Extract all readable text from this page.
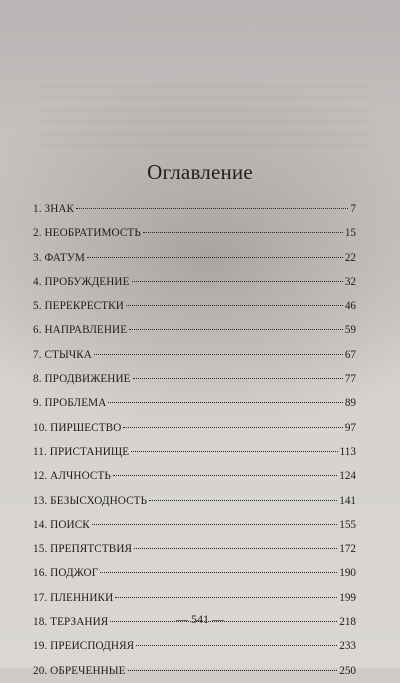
Оглавление
1. ЗНАК	7
2. НЕОБРАТИМОСТЬ	15
3. ФАТУМ	22
4. ПРОБУЖДЕНИЕ	32
5. ПЕРЕКРЕСТКИ	46
6. НАПРАВЛЕНИЕ	59
7. СТЫЧКА	67
8. ПРОДВИЖЕНИЕ	77
9. ПРОБЛЕМА	89
10. ПИРШЕСТВО	97
11. ПРИСТАНИЩЕ	113
12. АЛЧНОСТЬ	124
13. БЕЗЫСХОДНОСТЬ	141
14. ПОИСК	155
15. ПРЕПЯТСТВИЯ	172
16. ПОДЖОГ	190
17. ПЛЕННИКИ	199
18. ТЕРЗАНИЯ	218
19. ПРЕИСПОДНЯЯ	233
20. ОБРЕЧЕННЫЕ	250
— 541 —
